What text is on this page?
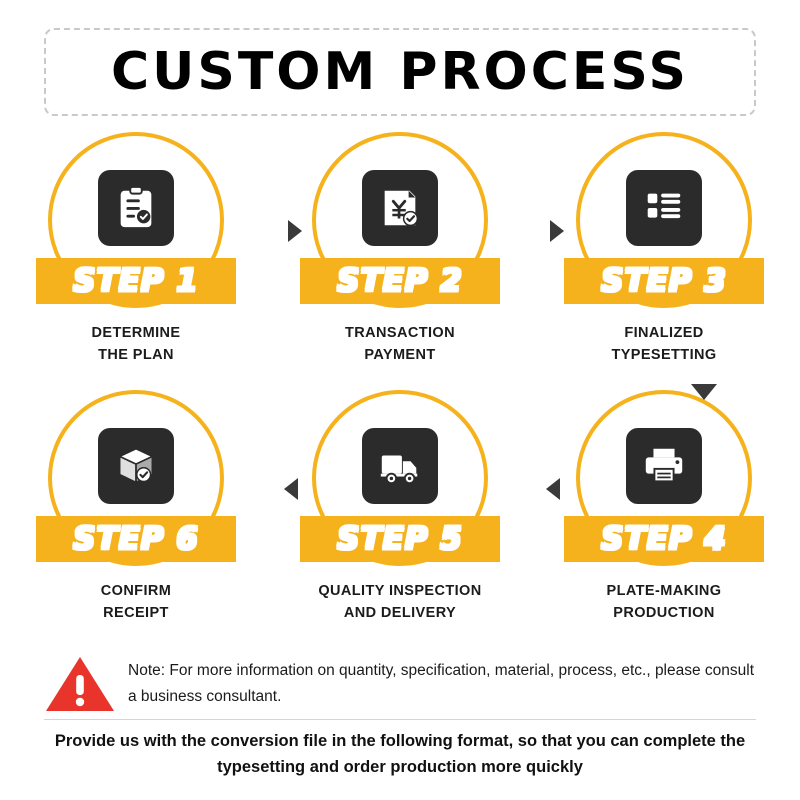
CUSTOM PROCESS
STEP 1
DETERMINE
THE PLAN
STEP 2
TRANSACTION
PAYMENT
STEP 3
FINALIZED
TYPESETTING
STEP 6
CONFIRM
RECEIPT
STEP 5
QUALITY INSPECTION
AND DELIVERY
STEP 4
PLATE-MAKING
PRODUCTION
Note: For more information on quantity, specification, material, process, etc., please consult a business consultant.
Provide us with the conversion file in the following format, so that you can complete the typesetting and order production more quickly
